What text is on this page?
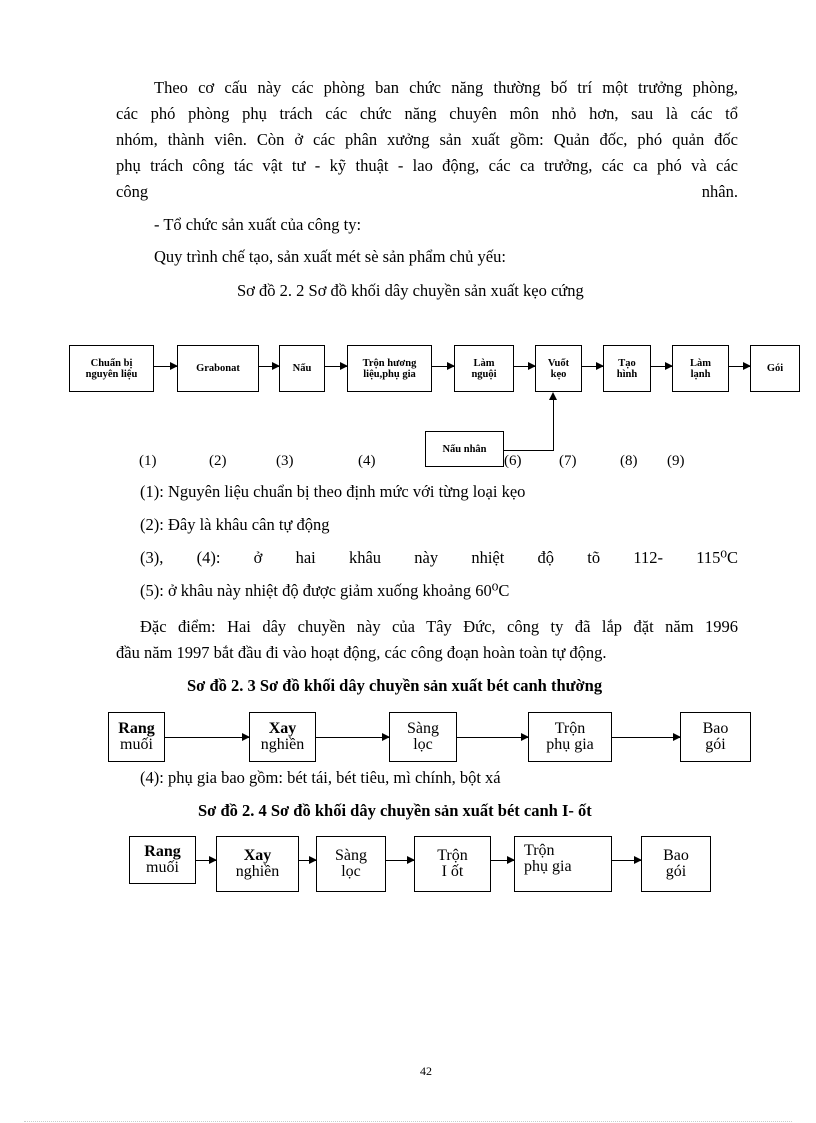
Theo cơ cấu này các phòng ban chức năng thường bố trí một trưởng phòng,
các phó phòng phụ trách các chức năng chuyên môn nhỏ hơn, sau là các tổ
nhóm, thành viên. Còn ở các phân xưởng sản xuất gồm: Quản đốc, phó quản đốc
phụ trách công tác vật tư - kỹ thuật - lao động, các ca trưởng, các ca phó và các
công	nhân.
- Tổ chức sản xuất của công ty:
Quy trình chế tạo, sản xuất mét sè sản phẩm chủ yếu:
Sơ đồ 2. 2 Sơ đồ khối dây chuyền sản xuất kẹo cứng
Chuẩn bị
nguyên liệu	Grabonat	Nấu	Trộn hương
liệu,phụ gia
Làm
nguội
Vuốt
kẹo
Tạo
hình
Làm
lạnh	Gói
Nấu nhân
(1)	(2)	(3)	(4)	(6)	(7)	(8) (9)
(1): Nguyên liệu chuẩn bị theo định mức với từng loại kẹo
(2): Đây là khâu cân tự động
(3), (4): ở hai khâu này nhiệt độ tõ 112- 115⁰C
(5): ở khâu này nhiệt độ được giảm xuống khoảng 60⁰C
Đặc điểm: Hai dây chuyền này của Tây Đức, công ty đã lắp đặt năm 1996
đầu năm 1997 bắt đầu đi vào hoạt động, các công đoạn hoàn toàn tự động.
Sơ đồ 2. 3 Sơ đồ khối dây chuyền sản xuất bét canh thường
Rang
muối
Xay
nghiền
Sàng
lọc
Trộn
phụ gia
Bao
gói
(4): phụ gia bao gồm: bét tái, bét tiêu, mì chính, bột xá
Sơ đồ 2. 4 Sơ đồ khối dây chuyền sản xuất bét canh I- ốt
Rang
muối
Xay
nghiền
Sàng
lọc
Trộn
I ốt
Trộn
phụ gia
Bao
gói
42
